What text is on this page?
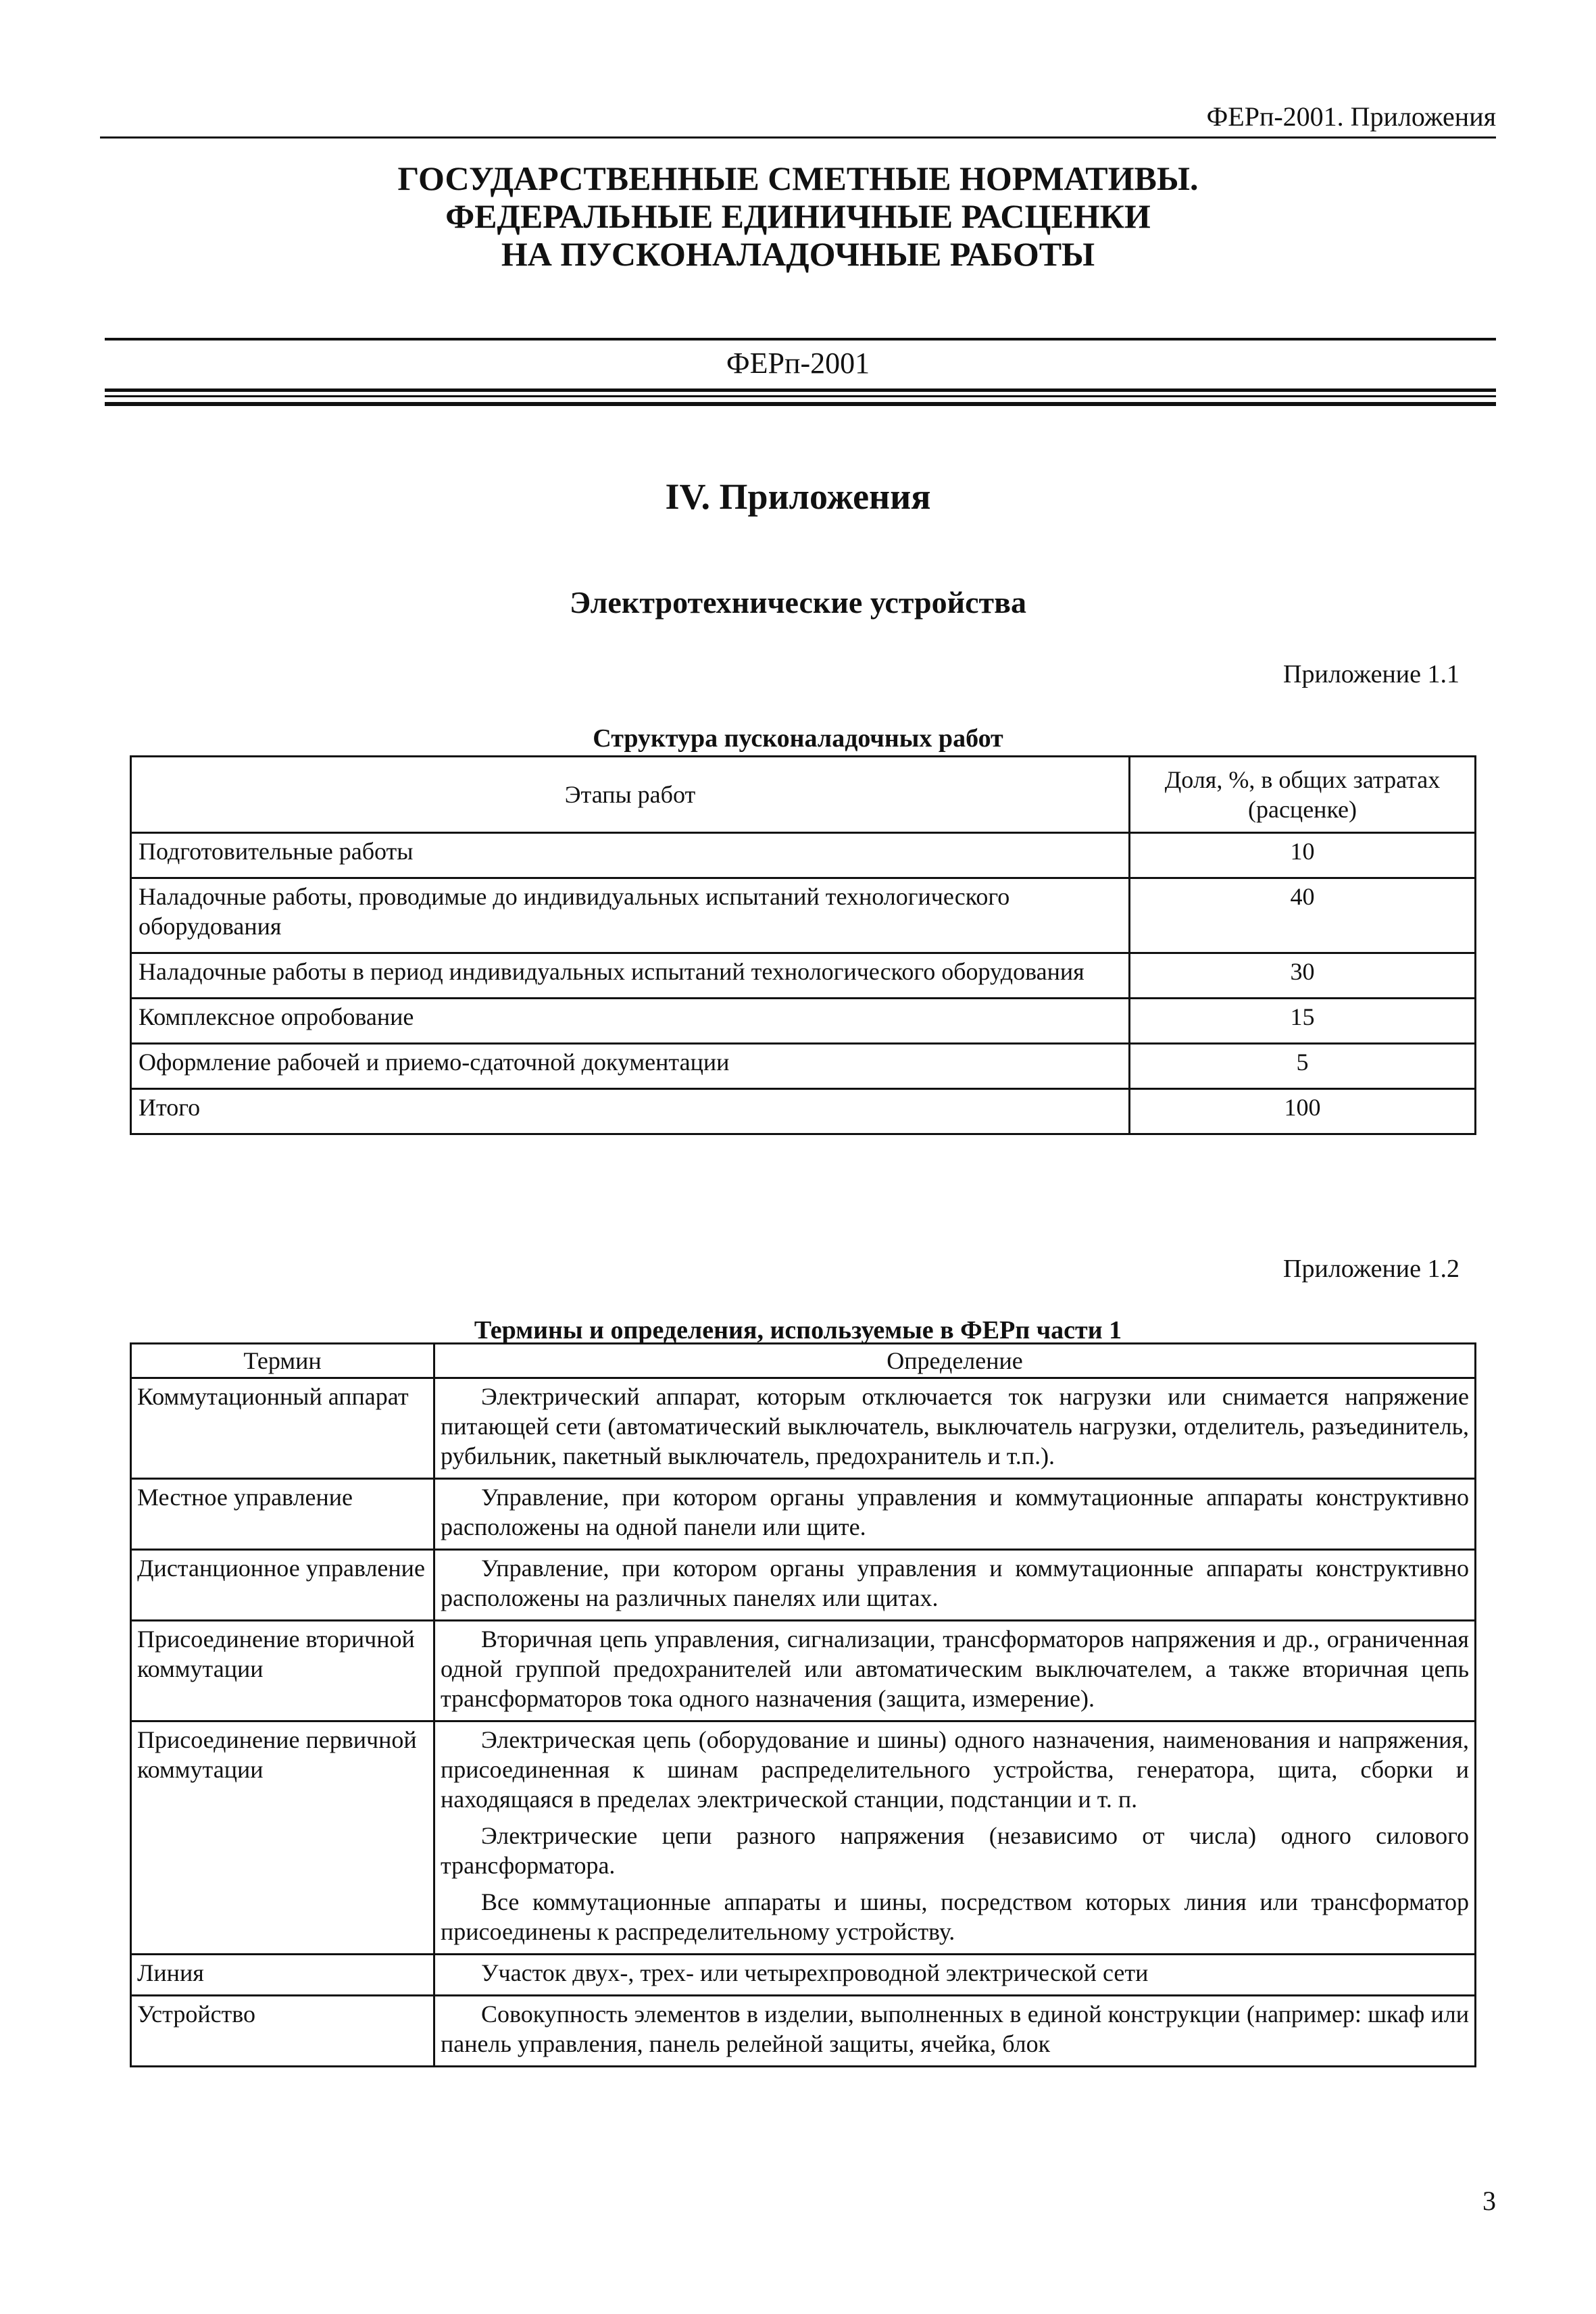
ФЕРп-2001. Приложения
ГОСУДАРСТВЕННЫЕ СМЕТНЫЕ НОРМАТИВЫ.
ФЕДЕРАЛЬНЫЕ ЕДИНИЧНЫЕ РАСЦЕНКИ
НА ПУСКОНАЛАДОЧНЫЕ РАБОТЫ
ФЕРп-2001
IV. Приложения
Электротехнические устройства
Приложение 1.1
Структура пусконаладочных работ
Этапы работ	Доля, %, в общих затратах (расценке)
Подготовительные работы	10
Наладочные работы, проводимые до индивидуальных испытаний технологического оборудования	40
Наладочные работы в период индивидуальных испытаний технологического оборудования	30
Комплексное опробование	15
Оформление рабочей и приемо-сдаточной документации	5
Итого	100
Приложение 1.2
Термины и определения, используемые в ФЕРп части 1
Термин	Определение
Коммутационный аппарат	Электрический аппарат, которым отключается ток нагрузки или снимается напряжение питающей сети (автоматический выключатель, выключатель нагрузки, отделитель, разъединитель, рубильник, пакетный выключатель, предохранитель и т.п.).

Местное управление	Управление, при котором органы управления и коммутационные аппараты конструктивно расположены на одной панели или щите.

Дистанционное управление	Управление, при котором органы управления и коммутационные аппараты конструктивно расположены на различных панелях или щитах.

Присоединение вторичной коммутации	Вторичная цепь управления, сигнализации, трансформаторов напряжения и др., ограниченная одной группой предохранителей или автоматическим выключателем, а также вторичная цепь трансформаторов тока одного назначения (защита, измерение).

Присоединение первичной коммутации	Электрическая цепь (оборудование и шины) одного назначения, наименования и напряжения, присоединенная к шинам распределительного устройства, генератора, щита, сборки и находящаяся в пределах электрической станции, подстанции и т. п.

Электрические цепи разного напряжения (независимо от числа) одного силового трансформатора.

Все коммутационные аппараты и шины, посредством которых линия или трансформатор присоединены к распределительному устройству.

Линия	Участок двух-, трех- или четырехпроводной электрической сети

Устройство	Совокупность элементов в изделии, выполненных в единой конструкции (например: шкаф или панель управления, панель релейной защиты, ячейка, блок

3
